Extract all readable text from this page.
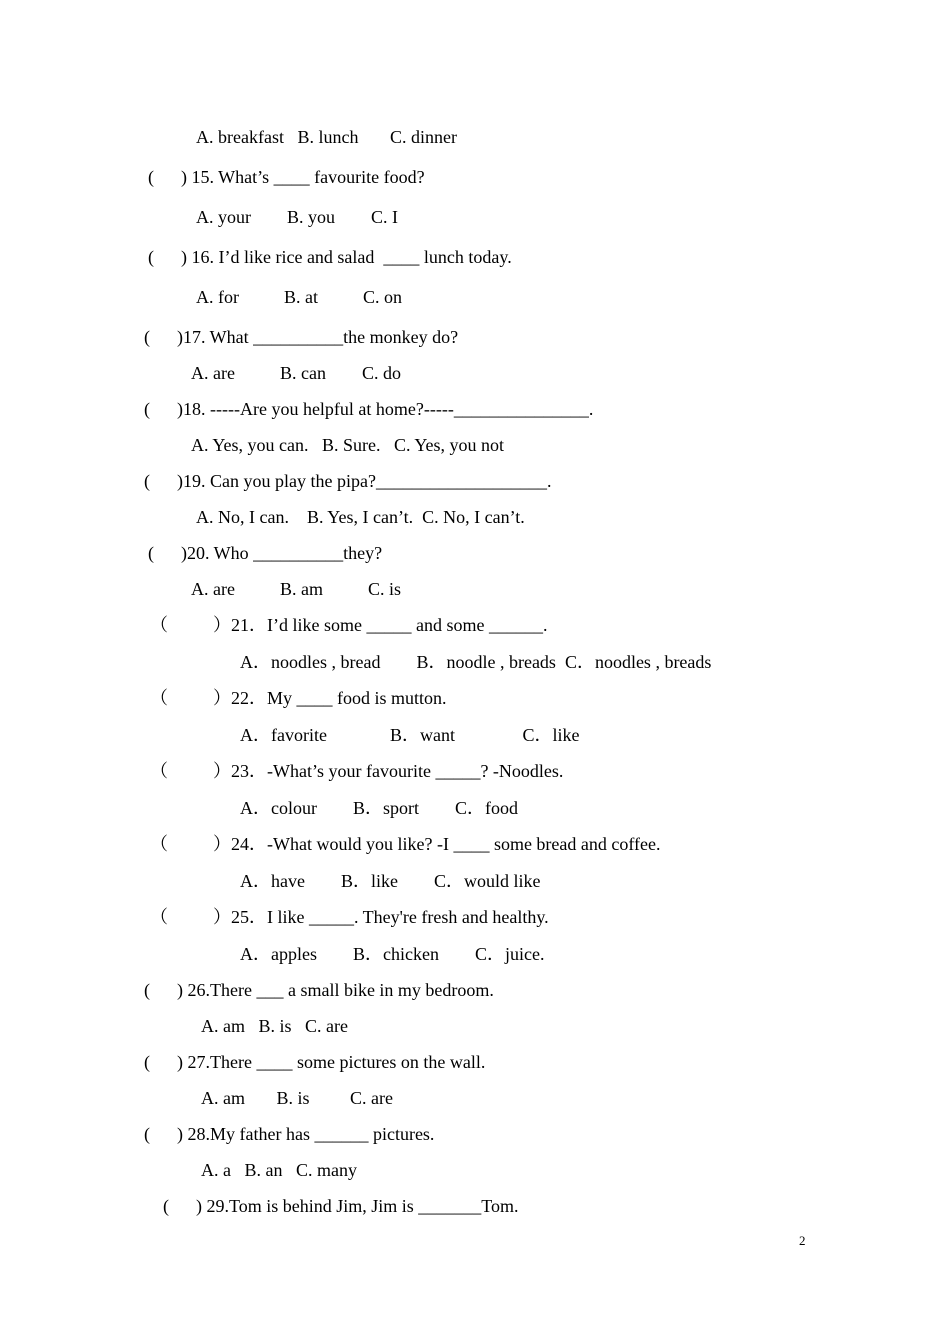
A. breakfast   B. lunch       C. dinner
(      ) 15. What’s ____ favourite food?
A. your        B. you        C. I
(      ) 16. I’d like rice and salad  ____ lunch today.
A. for          B. at          C. on
(      )17. What __________the monkey do?
A. are          B. can        C. do
(      )18. -----Are you helpful at home?-----_______________.
A. Yes, you can.   B. Sure.   C. Yes, you not
(      )19. Can you play the pipa?___________________.
A. No, I can.    B. Yes, I can’t.  C. No, I can’t.
(      )20. Who __________they?
A. are          B. am          C. is
（          ）21．I’d like some _____ and some ______.
A．noodles , bread        B．noodle , breads  C．noodles , breads
（          ）22．My ____ food is mutton.
A．favorite              B．want               C．like
（          ）23．-What’s your favourite _____? -Noodles.
A．colour        B．sport        C．food
（          ）24．-What would you like? -I ____ some bread and coffee.
A．have        B．like        C．would like
（          ）25．I like _____. They're fresh and healthy.
A．apples        B．chicken        C．juice.
(      ) 26.There ___ a small bike in my bedroom.
A. am   B. is   C. are
(      ) 27.There ____ some pictures on the wall.
A. am       B. is         C. are
(      ) 28.My father has ______ pictures.
A. a   B. an   C. many
(      ) 29.Tom is behind Jim, Jim is _______Tom.
2
